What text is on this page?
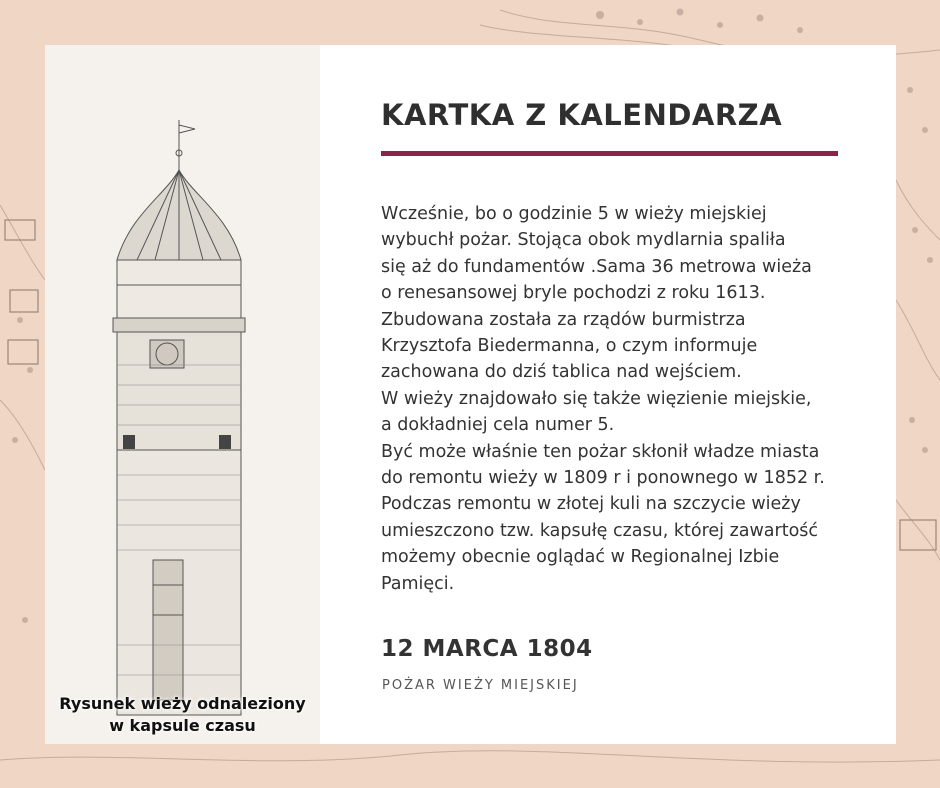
Rysunek wieży odnaleziony
w kapsule czasu
KARTKA Z KALENDARZA
Wcześnie, bo o godzinie 5 w wieży miejskiej
wybuchł pożar. Stojąca obok mydlarnia spaliła
się aż do fundamentów .Sama 36 metrowa wieża
o renesansowej bryle pochodzi z roku 1613.
Zbudowana została za rządów burmistrza
Krzysztofa Biedermanna, o czym informuje
zachowana do dziś tablica nad wejściem.
W wieży znajdowało się także więzienie miejskie,
a dokładniej cela numer 5.
Być może właśnie ten pożar skłonił władze miasta
do remontu wieży w 1809 r i ponownego w 1852 r.
Podczas remontu w złotej kuli na szczycie wieży
umieszczono tzw. kapsułę czasu, której zawartość
możemy obecnie oglądać w Regionalnej Izbie
Pamięci.
12 MARCA 1804
POŻAR WIEŻY MIEJSKIEJ
